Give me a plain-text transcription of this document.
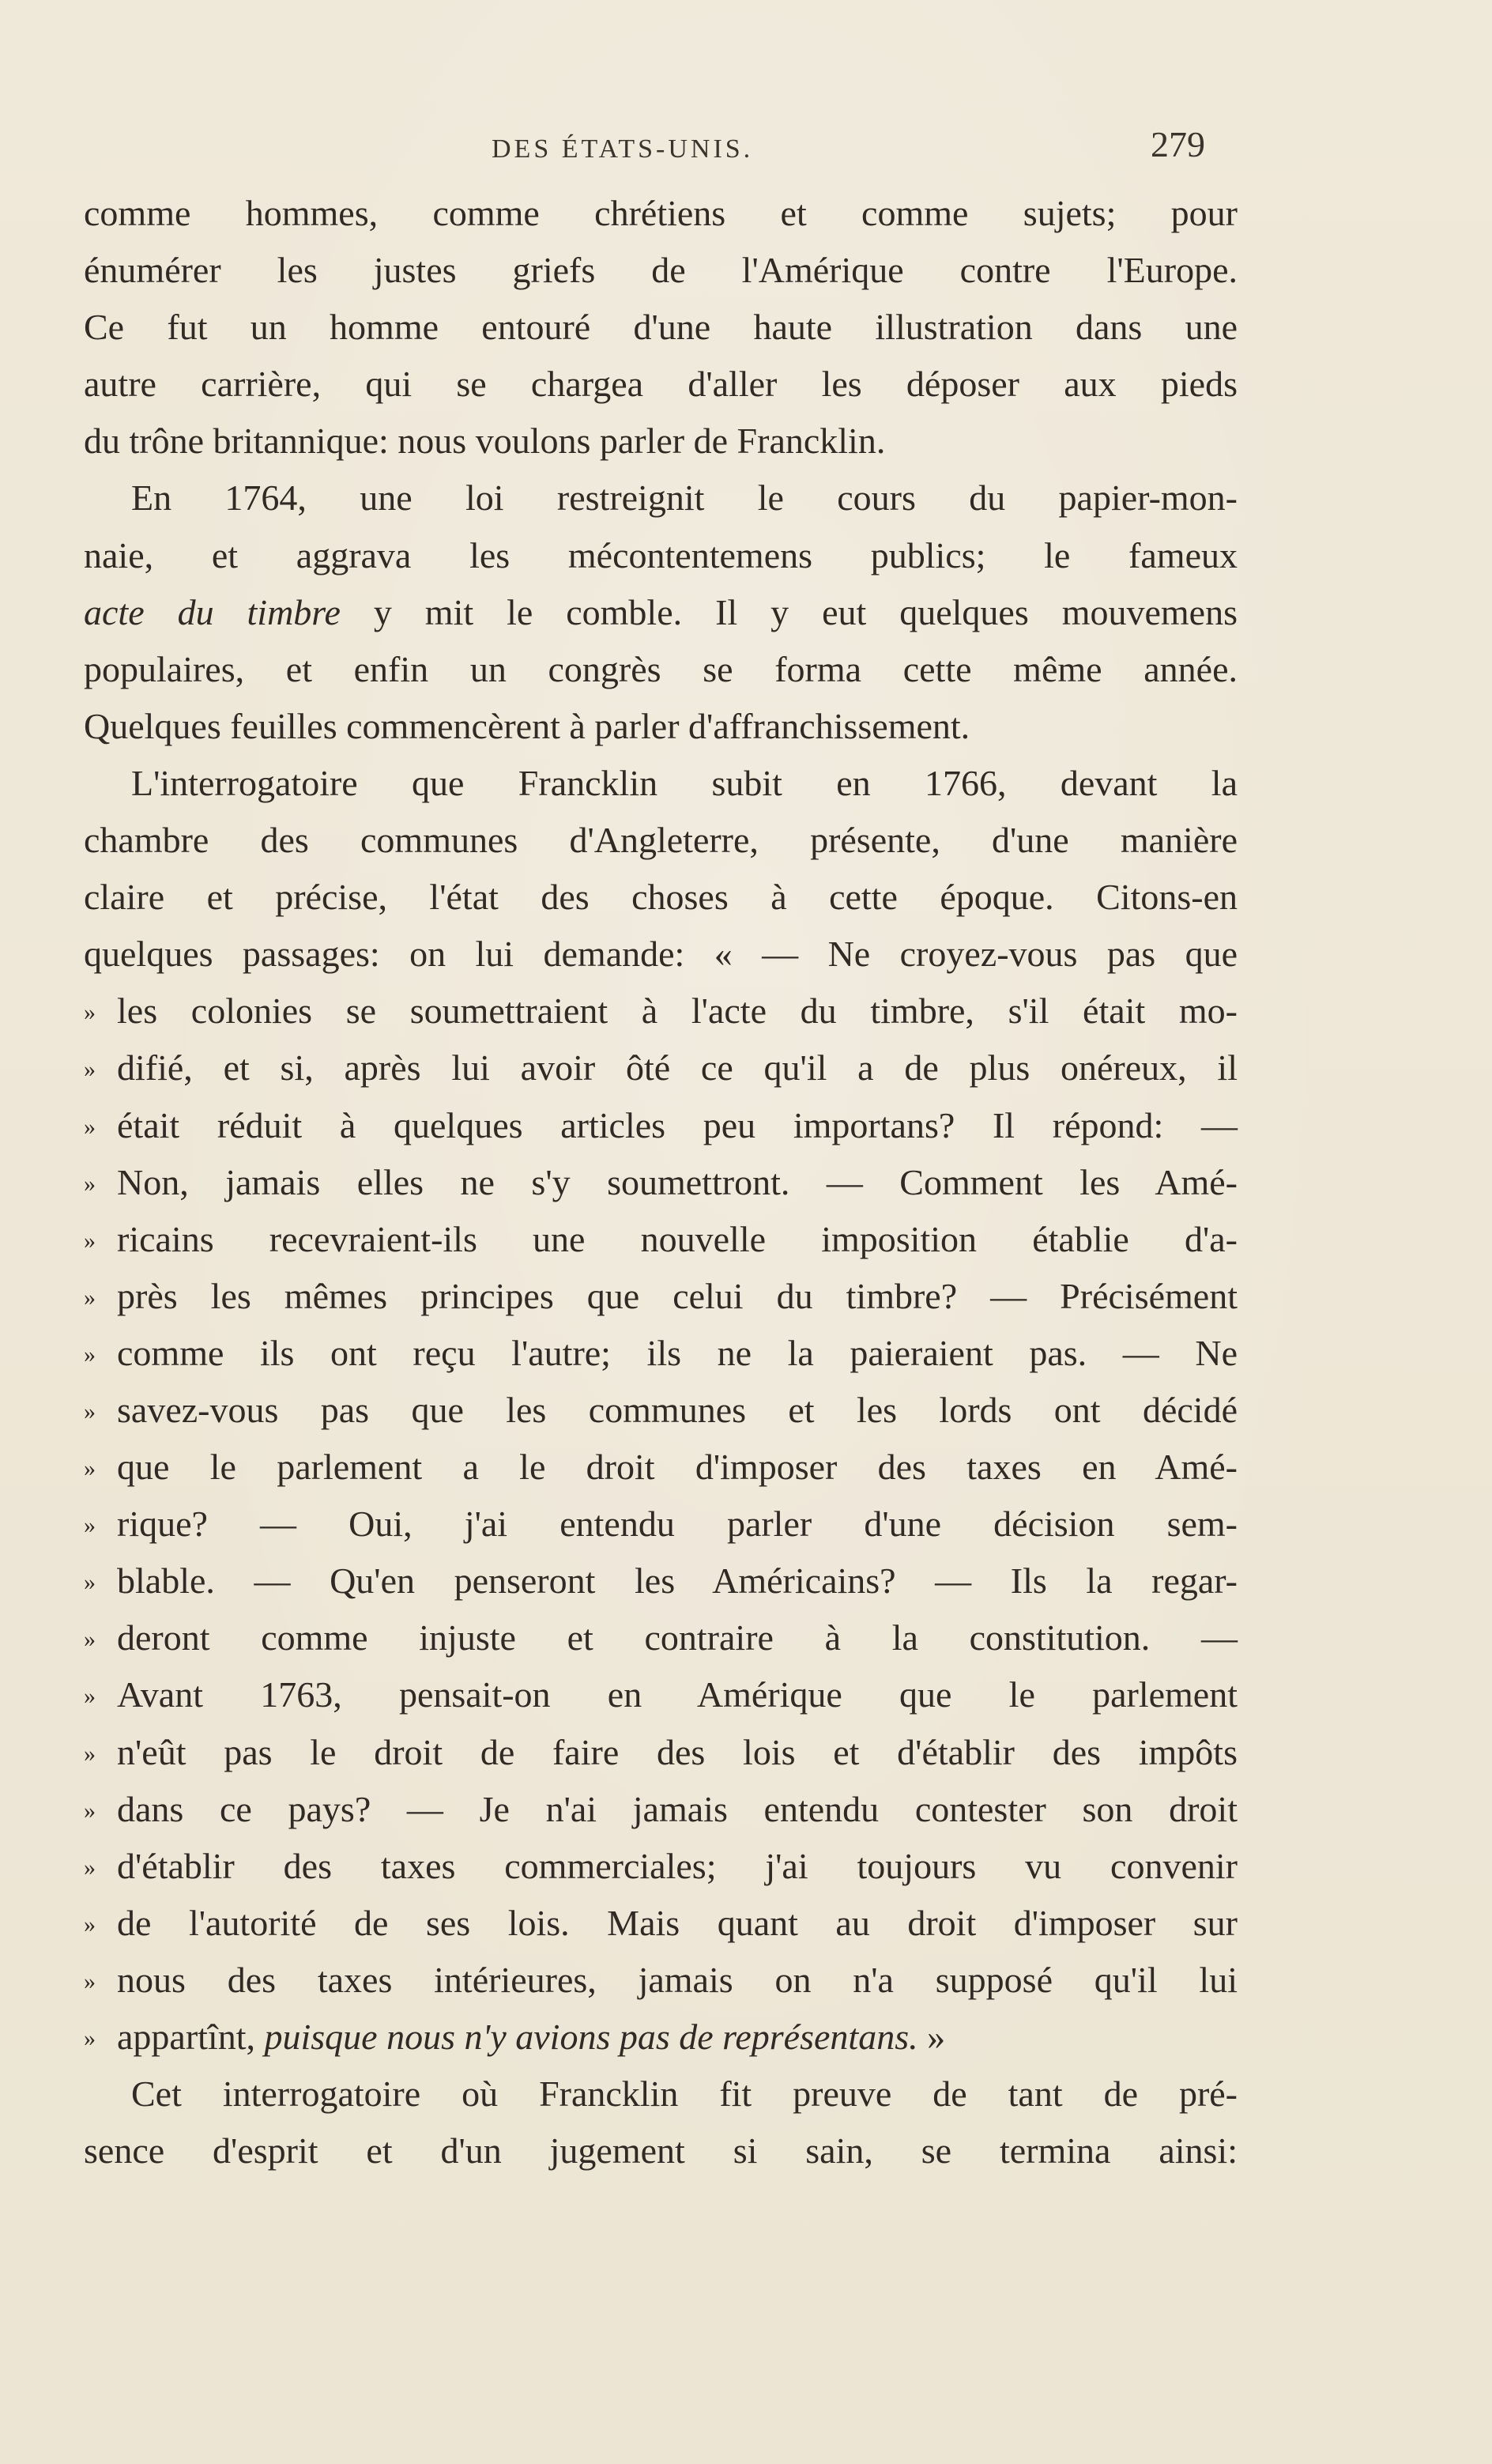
DES ÉTATS-UNIS.	279
comme hommes, comme chrétiens et comme sujets; pour
énumérer les justes griefs de l'Amérique contre l'Europe.
Ce fut un homme entouré d'une haute illustration dans une
autre carrière, qui se chargea d'aller les déposer aux pieds
du trône britannique: nous voulons parler de Francklin.
En 1764, une loi restreignit le cours du papier-mon-
naie, et aggrava les mécontentemens publics; le fameux
acte du timbre y mit le comble. Il y eut quelques mouvemens
populaires, et enfin un congrès se forma cette même année.
Quelques feuilles commencèrent à parler d'affranchissement.
L'interrogatoire que Francklin subit en 1766, devant la
chambre des communes d'Angleterre, présente, d'une manière
claire et précise, l'état des choses à cette époque. Citons-en
quelques passages: on lui demande: « — Ne croyez-vous pas que
» les colonies se soumettraient à l'acte du timbre, s'il était mo-
» difié, et si, après lui avoir ôté ce qu'il a de plus onéreux, il
» était réduit à quelques articles peu importans? Il répond: —
» Non, jamais elles ne s'y soumettront. — Comment les Amé-
» ricains recevraient-ils une nouvelle imposition établie d'a-
» près les mêmes principes que celui du timbre? — Précisément
» comme ils ont reçu l'autre; ils ne la paieraient pas. — Ne
» savez-vous pas que les communes et les lords ont décidé
» que le parlement a le droit d'imposer des taxes en Amé-
» rique? — Oui, j'ai entendu parler d'une décision sem-
» blable. — Qu'en penseront les Américains? — Ils la regar-
» deront comme injuste et contraire à la constitution. —
» Avant 1763, pensait-on en Amérique que le parlement
» n'eût pas le droit de faire des lois et d'établir des impôts
» dans ce pays? — Je n'ai jamais entendu contester son droit
» d'établir des taxes commerciales; j'ai toujours vu convenir
» de l'autorité de ses lois. Mais quant au droit d'imposer sur
» nous des taxes intérieures, jamais on n'a supposé qu'il lui
» appartînt, puisque nous n'y avions pas de représentans. »
Cet interrogatoire où Francklin fit preuve de tant de pré-
sence d'esprit et d'un jugement si sain, se termina ainsi:
